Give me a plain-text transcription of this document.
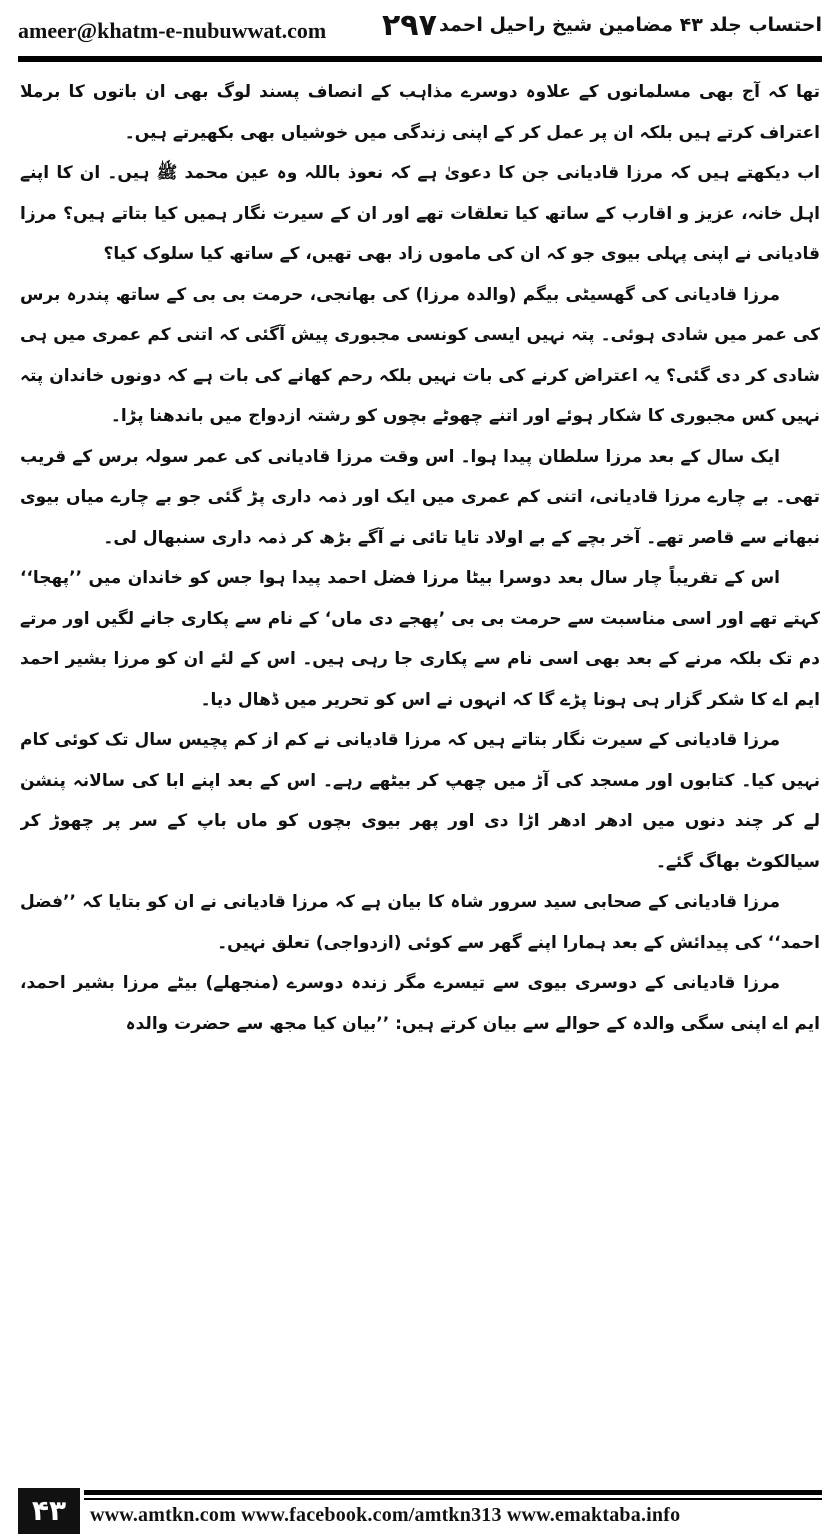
ameer@khatm-e-nubuwwat.com ۲۹۷ احتساب جلد ۴۳ مضامین شیخ راحیل احمد

تھا کہ آج بھی مسلمانوں کے علاوہ دوسرے مذاہب کے انصاف پسند لوگ بھی ان باتوں کا برملا اعتراف کرتے ہیں بلکہ ان پر عمل کر کے اپنی زندگی میں خوشیاں بھی بکھیرتے ہیں۔

اب دیکھتے ہیں کہ مرزا قادیانی جن کا دعویٰ ہے کہ نعوذ باللہ وہ عین محمد ﷺ ہیں۔ ان کا اپنے اہل خانہ، عزیز و اقارب کے ساتھ کیا تعلقات تھے اور ان کے سیرت نگار ہمیں کیا بتاتے ہیں؟ مرزا قادیانی نے اپنی پہلی بیوی جو کہ ان کی ماموں زاد بھی تھیں، کے ساتھ کیا سلوک کیا؟

مرزا قادیانی کی گھسیٹی بیگم (والدہ مرزا) کی بھانجی، حرمت بی بی کے ساتھ پندرہ برس کی عمر میں شادی ہوئی۔ پتہ نہیں ایسی کونسی مجبوری پیش آگئی کہ اتنی کم عمری میں ہی شادی کر دی گئی؟ یہ اعتراض کرنے کی بات نہیں بلکہ رحم کھانے کی بات ہے کہ دونوں خاندان پتہ نہیں کس مجبوری کا شکار ہوئے اور اتنے چھوٹے بچوں کو رشتہ ازدواج میں باندھنا پڑا۔

ایک سال کے بعد مرزا سلطان پیدا ہوا۔ اس وقت مرزا قادیانی کی عمر سولہ برس کے قریب تھی۔ بے چارے مرزا قادیانی، اتنی کم عمری میں ایک اور ذمہ داری پڑ گئی جو بے چارے میاں بیوی نبھانے سے قاصر تھے۔ آخر بچے کے بے اولاد تایا تائی نے آگے بڑھ کر ذمہ داری سنبھال لی۔

اس کے تقریباً چار سال بعد دوسرا بیٹا مرزا فضل احمد پیدا ہوا جس کو خاندان میں ’’پھجا‘‘ کہتے تھے اور اسی مناسبت سے حرمت بی بی ’پھجے دی ماں‘ کے نام سے پکاری جانے لگیں اور مرتے دم تک بلکہ مرنے کے بعد بھی اسی نام سے پکاری جا رہی ہیں۔ اس کے لئے ان کو مرزا بشیر احمد ایم اے کا شکر گزار ہی ہونا پڑے گا کہ انہوں نے اس کو تحریر میں ڈھال دیا۔

مرزا قادیانی کے سیرت نگار بتاتے ہیں کہ مرزا قادیانی نے کم از کم پچیس سال تک کوئی کام نہیں کیا۔ کتابوں اور مسجد کی آڑ میں چھپ کر بیٹھے رہے۔ اس کے بعد اپنے ابا کی سالانہ پنشن لے کر چند دنوں میں ادھر ادھر اڑا دی اور پھر بیوی بچوں کو ماں باپ کے سر پر چھوڑ کر سیالکوٹ بھاگ گئے۔

مرزا قادیانی کے صحابی سید سرور شاہ کا بیان ہے کہ مرزا قادیانی نے ان کو بتایا کہ ’’فضل احمد‘‘ کی پیدائش کے بعد ہمارا اپنے گھر سے کوئی (ازدواجی) تعلق نہیں۔

مرزا قادیانی کے دوسری بیوی سے تیسرے مگر زندہ دوسرے (منجھلے) بیٹے مرزا بشیر احمد، ایم اے اپنی سگی والدہ کے حوالے سے بیان کرتے ہیں: ’’بیان کیا مجھ سے حضرت والدہ

۴۳	www.amtkn.com www.facebook.com/amtkn313 www.emaktaba.info
